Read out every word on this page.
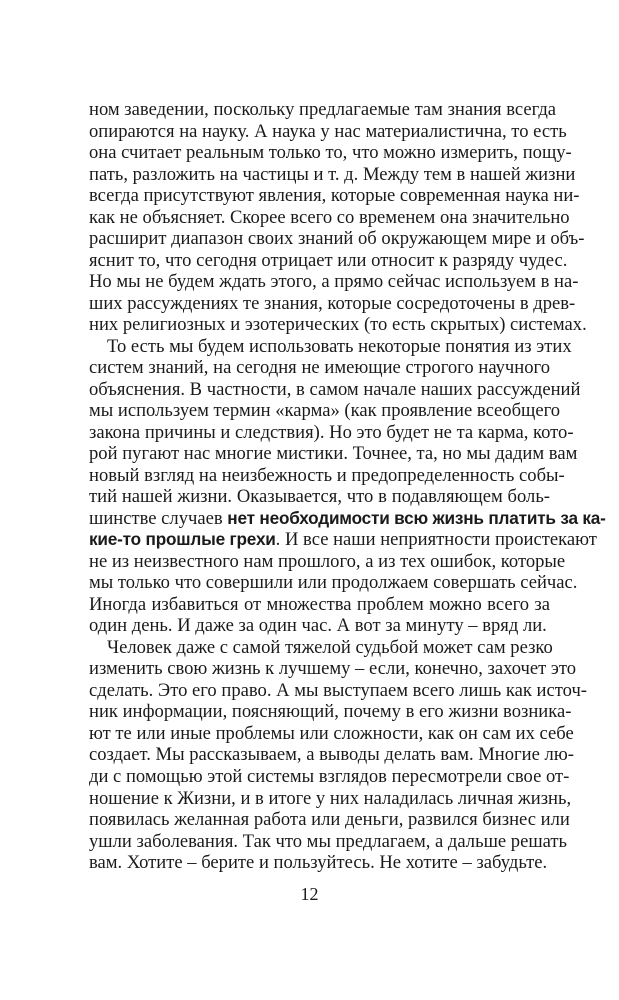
ном заведении, поскольку предлагаемые там знания всегда

опираются на науку. А наука у нас материалистична, то есть

она считает реальным только то, что можно измерить, пощу-

пать, разложить на частицы и т. д. Между тем в нашей жизни

всегда присутствуют явления, которые современная наука ни-

как не объясняет. Скорее всего со временем она значительно

расширит диапазон своих знаний об окружающем мире и объ-

яснит то, что сегодня отрицает или относит к разряду чудес.

Но мы не будем ждать этого, а прямо сейчас используем в на-

ших рассуждениях те знания, которые сосредоточены в древ-

них религиозных и эзотерических (то есть скрытых) системах.

То есть мы будем использовать некоторые понятия из этих

систем знаний, на сегодня не имеющие строгого научного

объяснения. В частности, в самом начале наших рассуждений

мы используем термин «карма» (как проявление всеобщего

закона причины и следствия). Но это будет не та карма, кото-

рой пугают нас многие мистики. Точнее, та, но мы дадим вам

новый взгляд на неизбежность и предопределенность собы-

тий нашей жизни. Оказывается, что в подавляющем боль-

шинстве случаев нет необходимости всю жизнь платить за ка-

кие-то прошлые грехи. И все наши неприятности проистекают

не из неизвестного нам прошлого, а из тех ошибок, которые

мы только что совершили или продолжаем совершать сейчас.

Иногда избавиться от множества проблем можно всего за

один день. И даже за один час. А вот за минуту – вряд ли.

Человек даже с самой тяжелой судьбой может сам резко

изменить свою жизнь к лучшему – если, конечно, захочет это

сделать. Это его право. А мы выступаем всего лишь как источ-

ник информации, поясняющий, почему в его жизни возника-

ют те или иные проблемы или сложности, как он сам их себе

создает. Мы рассказываем, а выводы делать вам. Многие лю-

ди с помощью этой системы взглядов пересмотрели свое от-

ношение к Жизни, и в итоге у них наладилась личная жизнь,

появилась желанная работа или деньги, развился бизнес или

ушли заболевания. Так что мы предлагаем, а дальше решать

вам. Хотите – берите и пользуйтесь. Не хотите – забудьте.

12
